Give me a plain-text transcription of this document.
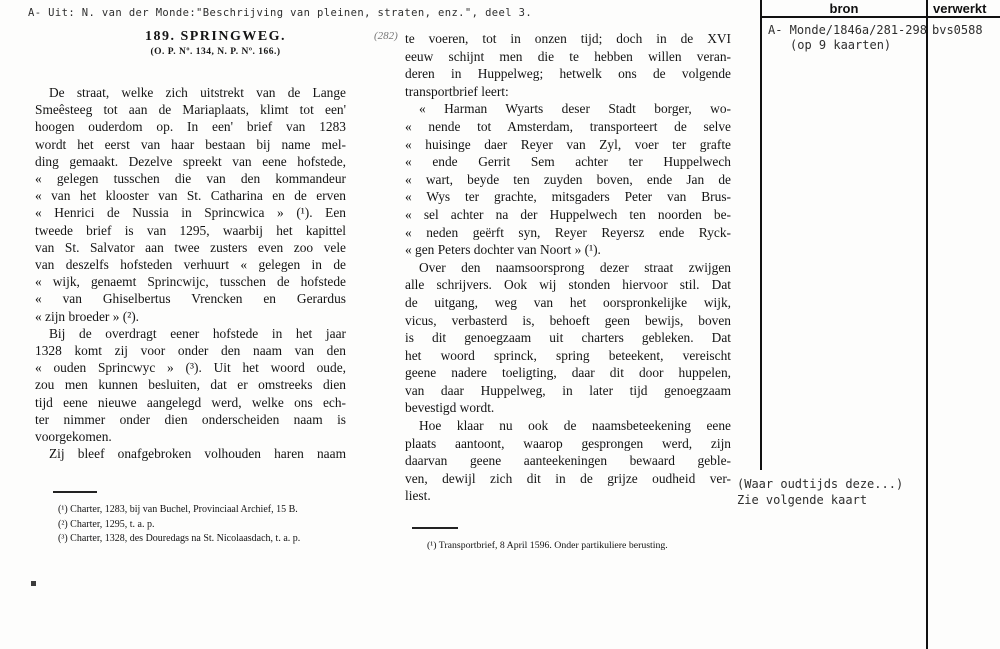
A- Uit: N. van der Monde:"Beschrijving van pleinen, straten, enz.", deel 3.
189. SPRINGWEG.
(O. P. Nº. 134, N. P. Nº. 166.)
De straat, welke zich uitstrekt van de Lange
Smeêsteeg tot aan de Mariaplaats, klimt tot een'
hoogen ouderdom op. In een' brief van 1283
wordt het eerst van haar bestaan bij name mel-
ding gemaakt. Dezelve spreekt van eene hofstede,
« gelegen tusschen die van den kommandeur
« van het klooster van St. Catharina en de erven
« Henrici de Nussia in Sprincwica » (¹). Een
tweede brief is van 1295, waarbij het kapittel
van St. Salvator aan twee zusters even zoo vele
van deszelfs hofsteden verhuurt « gelegen in de
« wijk, genaemt Sprincwijc, tusschen de hofstede
« van Ghiselbertus Vrencken en Gerardus
« zijn broeder » (²).
Bij de overdragt eener hofstede in het jaar
1328 komt zij voor onder den naam van den
« ouden Sprincwyc » (³). Uit het woord oude,
zou men kunnen besluiten, dat er omstreeks dien
tijd eene nieuwe aangelegd werd, welke ons ech-
ter nimmer onder dien onderscheiden naam is
voorgekomen.
Zij bleef onafgebroken volhouden haren naam
(¹) Charter, 1283, bij van Buchel, Provinciaal Archief, 15 B.
(²) Charter, 1295, t. a. p.
(³) Charter, 1328, des Douredags na St. Nicolaasdach, t. a. p.
(282) te voeren, tot in onzen tijd; doch in de XVI
eeuw schijnt men die te hebben willen veran-
deren in Huppelweg; hetwelk ons de volgende
transportbrief leert:
« Harman Wyarts deser Stadt borger, wo-
« nende tot Amsterdam, transporteert de selve
« huisinge daer Reyer van Zyl, voer ter grafte
« ende Gerrit Sem achter ter Huppelwech
« wart, beyde ten zuyden boven, ende Jan de
« Wys ter grachte, mitsgaders Peter van Brus-
« sel achter na der Huppelwech ten noorden be-
« neden geërft syn, Reyer Reyersz ende Ryck-
« gen Peters dochter van Noort » (¹).
Over den naamsoorsprong dezer straat zwijgen
alle schrijvers. Ook wij stonden hiervoor stil. Dat
de uitgang, weg van het oorspronkelijke wijk,
vicus, verbasterd is, behoeft geen bewijs, boven
is dit genoegzaam uit charters gebleken. Dat
het woord sprinck, spring beteekent, vereischt
geene nadere toeligting, daar dit door huppelen,
van daar Huppelweg, in later tijd genoegzaam
bevestigd wordt.
Hoe klaar nu ook de naamsbeteekening eene
plaats aantoont, waarop gesprongen werd, zijn
daarvan geene aanteekeningen bewaard geble-
ven, dewijl zich dit in de grijze oudheid ver-
liest.
(¹) Transportbrief, 8 April 1596. Onder partikuliere berusting.
bron	verwerkt
A- Monde/1846a/281-298
(op 9 kaarten)
bvs0588
(Waar oudtijds deze...)
Zie volgende kaart
